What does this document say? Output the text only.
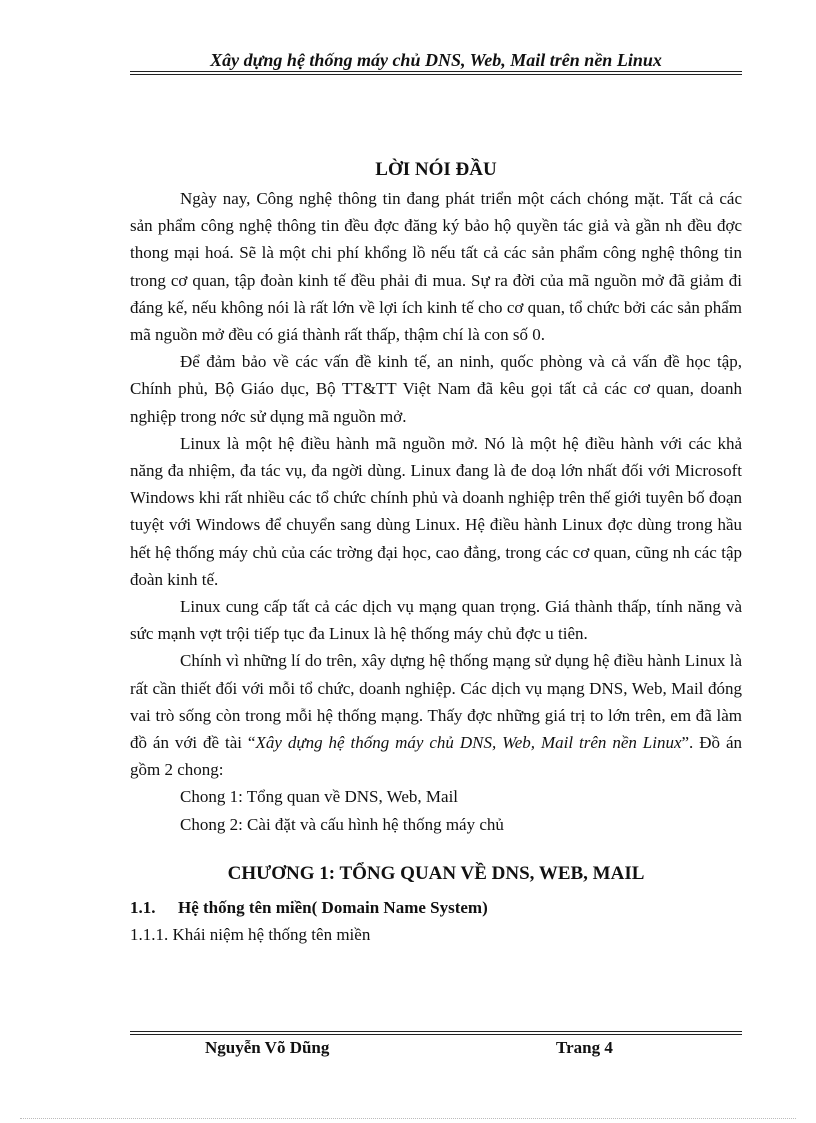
Xây dựng hệ thống máy chủ DNS, Web, Mail trên nền Linux

LỜI NÓI ĐẦU

Ngày nay, Công nghệ thông tin đang phát triển một cách chóng mặt. Tất cả các sản phẩm công nghệ thông tin đều đợc đăng ký bảo hộ quyền tác giả và gần nh đều đợc thong mại hoá. Sẽ là một chi phí khổng lồ nếu tất cả các sản phẩm công nghệ thông tin trong cơ quan, tập đoàn kinh tế đều phải đi mua. Sự ra đời của mã nguồn mở đã giảm đi đáng kế, nếu không nói là rất lớn về lợi ích kinh tế cho cơ quan, tổ chức bởi các sản phẩm mã nguồn mở đều có giá thành rất thấp, thậm chí là con số 0.

Để đảm bảo về các vấn đề kinh tế, an ninh, quốc phòng và cả vấn đề học tập, Chính phủ, Bộ Giáo dục, Bộ TT&TT Việt Nam đã kêu gọi tất cả các cơ quan, doanh nghiệp trong nớc sử dụng mã nguồn mở.

Linux là một hệ điều hành mã nguồn mở. Nó là một hệ điều hành với các khả năng đa nhiệm, đa tác vụ, đa ngời dùng. Linux đang là đe doạ lớn nhất đối với Microsoft Windows khi rất nhiều các tổ chức chính phủ và doanh nghiệp trên thế giới tuyên bố đoạn tuyệt với Windows để chuyển sang dùng Linux. Hệ điều hành Linux đợc dùng trong hầu hết hệ thống máy chủ của các trờng đại học, cao đẳng, trong các cơ quan, cũng nh các tập đoàn kinh tế.

Linux cung cấp tất cả các dịch vụ mạng quan trọng. Giá thành thấp, tính năng và sức mạnh vợt trội tiếp tục đa Linux là hệ thống máy chủ đợc u tiên.

Chính vì những lí do trên, xây dựng hệ thống mạng sử dụng hệ điều hành Linux là rất cần thiết đối với mỗi tổ chức, doanh nghiệp. Các dịch vụ mạng DNS, Web, Mail đóng vai trò sống còn trong mỗi hệ thống mạng. Thấy đợc những giá trị to lớn trên, em đã làm đồ án với đề tài “Xây dựng hệ thống máy chủ DNS, Web, Mail trên nền Linux”. Đồ án gồm 2 chong:

Chong 1: Tổng quan về DNS, Web, Mail

Chong 2: Cài đặt và cấu hình hệ thống máy chủ

CHƯƠNG 1: TỔNG QUAN VỀ DNS, WEB, MAIL

1.1. Hệ thống tên miền( Domain Name System)

1.1.1. Khái niệm hệ thống tên miền

Nguyễn Võ Dũng	Trang 4
